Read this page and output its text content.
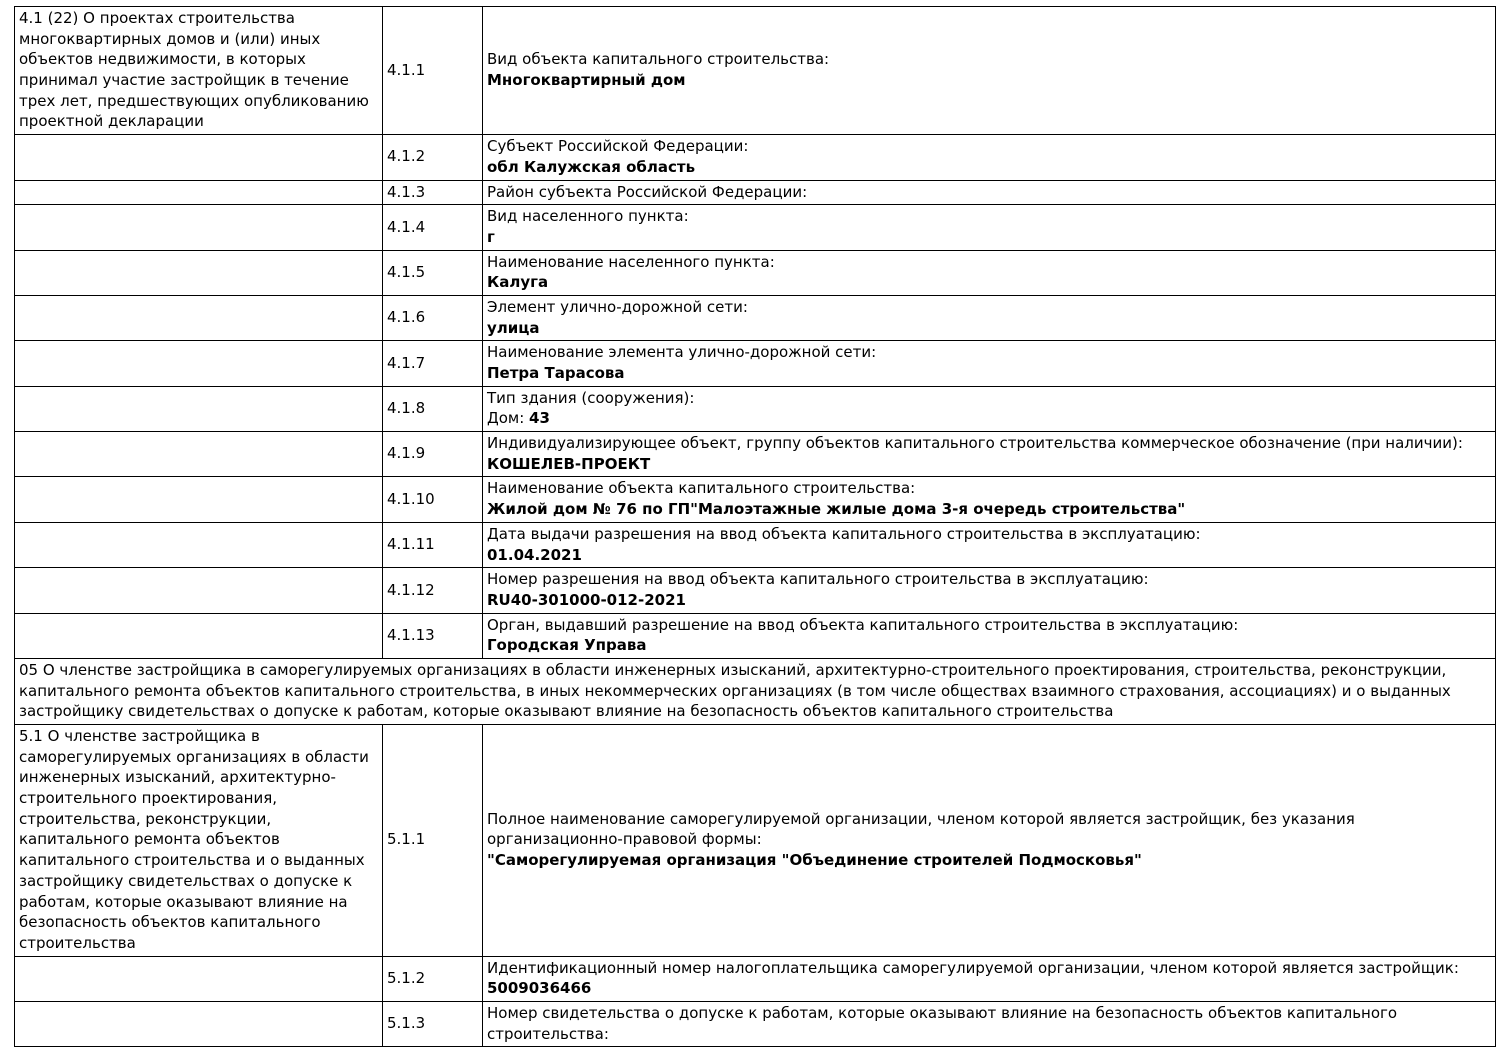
4.1 (22) О проектах строительства многоквартирных домов и (или) иных объектов недвижимости, в которых принимал участие застройщик в течение трех лет, предшествующих опубликованию проектной декларации	4.1.1	Вид объекта капитального строительства:
Многоквартирный дом

	4.1.2	Субъект Российской Федерации:
обл Калужская область

	4.1.3	Район субъекта Российской Федерации:

	4.1.4	Вид населенного пункта:
г

	4.1.5	Наименование населенного пункта:
Калуга

	4.1.6	Элемент улично-дорожной сети:
улица

	4.1.7	Наименование элемента улично-дорожной сети:
Петра Тарасова

	4.1.8	Тип здания (сооружения):
Дом: 43

	4.1.9	Индивидуализирующее объект, группу объектов капитального строительства коммерческое обозначение (при наличии):
КОШЕЛЕВ-ПРОЕКТ

	4.1.10	Наименование объекта капитального строительства:
Жилой дом № 76 по ГП"Малоэтажные жилые дома 3-я очередь строительства"

	4.1.11	Дата выдачи разрешения на ввод объекта капитального строительства в эксплуатацию:
01.04.2021

	4.1.12	Номер разрешения на ввод объекта капитального строительства в эксплуатацию:
RU40-301000-012-2021

	4.1.13	Орган, выдавший разрешение на ввод объекта капитального строительства в эксплуатацию:
Городская Управа

05 О членстве застройщика в саморегулируемых организациях в области инженерных изысканий, архитектурно-строительного проектирования, строительства, реконструкции, капитального ремонта объектов капитального строительства, в иных некоммерческих организациях (в том числе обществах взаимного страхования, ассоциациях) и о выданных застройщику свидетельствах о допуске к работам, которые оказывают влияние на безопасность объектов капитального строительства		
5.1 О членстве застройщика в саморегулируемых организациях в области инженерных изысканий, архитектурно-строительного проектирования, строительства, реконструкции, капитального ремонта объектов капитального строительства и о выданных застройщику свидетельствах о допуске к работам, которые оказывают влияние на безопасность объектов капитального строительства	5.1.1	Полное наименование саморегулируемой организации, членом которой является застройщик, без указания организационно-правовой формы:
"Саморегулируемая организация "Объединение строителей Подмосковья"

	5.1.2	Идентификационный номер налогоплательщика саморегулируемой организации, членом которой является застройщик:
5009036466

	5.1.3	Номер свидетельства о допуске к работам, которые оказывают влияние на безопасность объектов капитального строительства:
